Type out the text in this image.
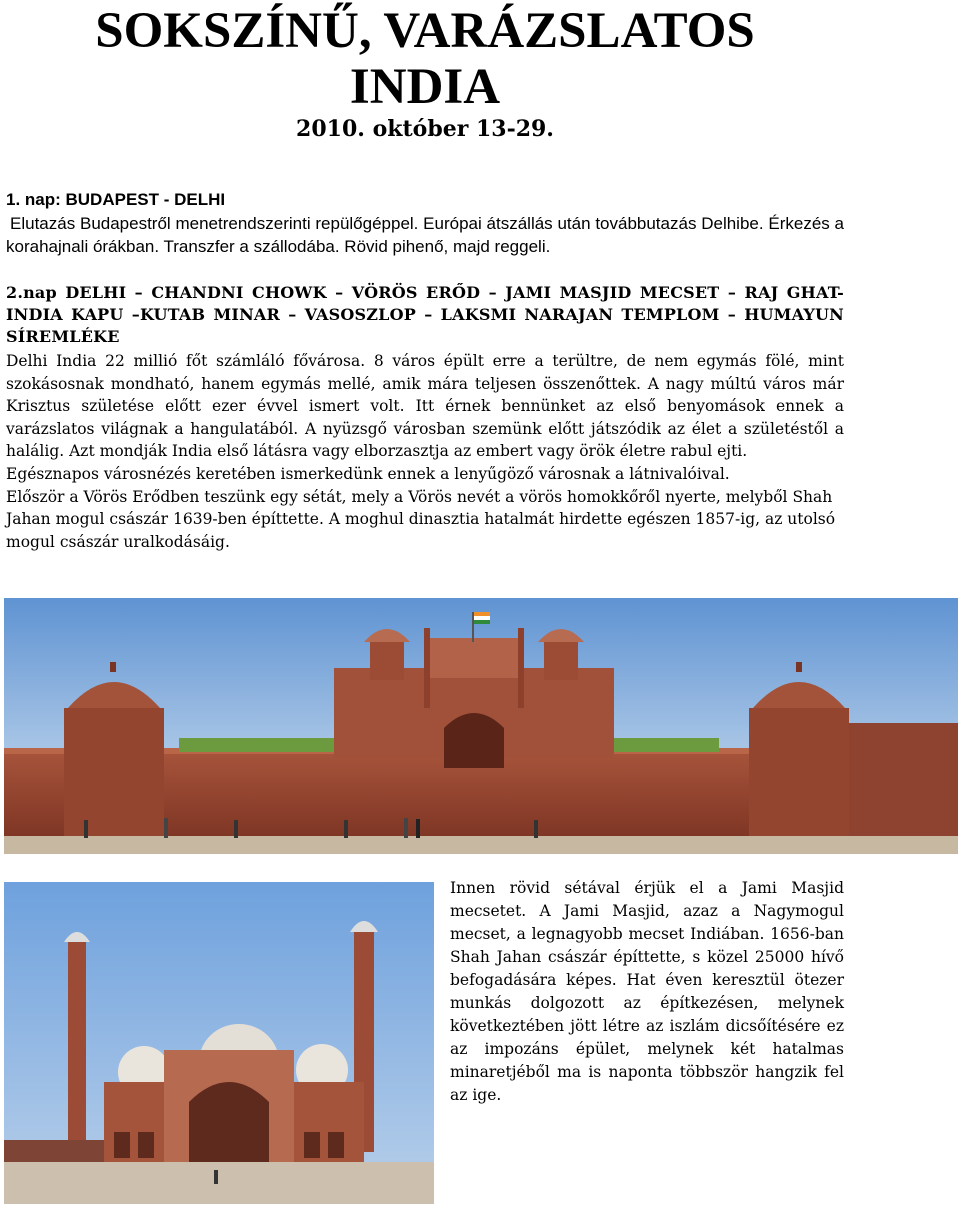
SOKSZÍNŰ, VARÁZSLATOS
INDIA
2010. október 13-29.
1. nap: BUDAPEST - DELHI
Elutazás Budapestről menetrendszerinti repülőgéppel. Európai átszállás után továbbutazás Delhibe. Érkezés a korahajnali órákban. Transzfer a szállodába. Rövid pihenő, majd reggeli.
2.nap DELHI – CHANDNI CHOWK – VÖRÖS ERŐD – JAMI MASJID MECSET – RAJ GHAT- INDIA KAPU –KUTAB MINAR – VASOSZLOP – LAKSMI NARAJAN TEMPLOM – HUMAYUN SÍREMLÉKE

Delhi India 22 millió főt számláló fővárosa. 8 város épült erre a terültre, de nem egymás fölé, mint szokásosnak mondható, hanem egymás mellé, amik mára teljesen összenőttek. A nagy múltú város már Krisztus születése előtt ezer évvel ismert volt. Itt érnek bennünket az első benyomások ennek a varázslatos világnak a hangulatából. A nyüzsgő városban szemünk előtt játszódik az élet a születéstől a halálig. Azt mondják India első látásra vagy elborzasztja az embert vagy örök életre rabul ejti.

Egésznapos városnézés keretében ismerkedünk ennek a lenyűgöző városnak a látnivalóival.

Először a Vörös Erődben teszünk egy sétát, mely a Vörös nevét a vörös homokkőről nyerte, melyből Shah Jahan mogul császár 1639-ben építtette. A moghul dinasztia hatalmát hirdette egészen 1857-ig, az utolsó mogul császár uralkodásáig.

Innen rövid sétával érjük el a Jami Masjid mecsetet. A Jami Masjid, azaz a Nagymogul mecset, a legnagyobb mecset Indiában. 1656-ban Shah Jahan császár építtette, s közel 25000 hívő befogadására képes. Hat éven keresztül ötezer munkás dolgozott az építkezésen, melynek következtében jött létre az iszlám dicsőítésére ez az impozáns épület, melynek két hatalmas minaretjéből ma is naponta többször hangzik fel az ige.
